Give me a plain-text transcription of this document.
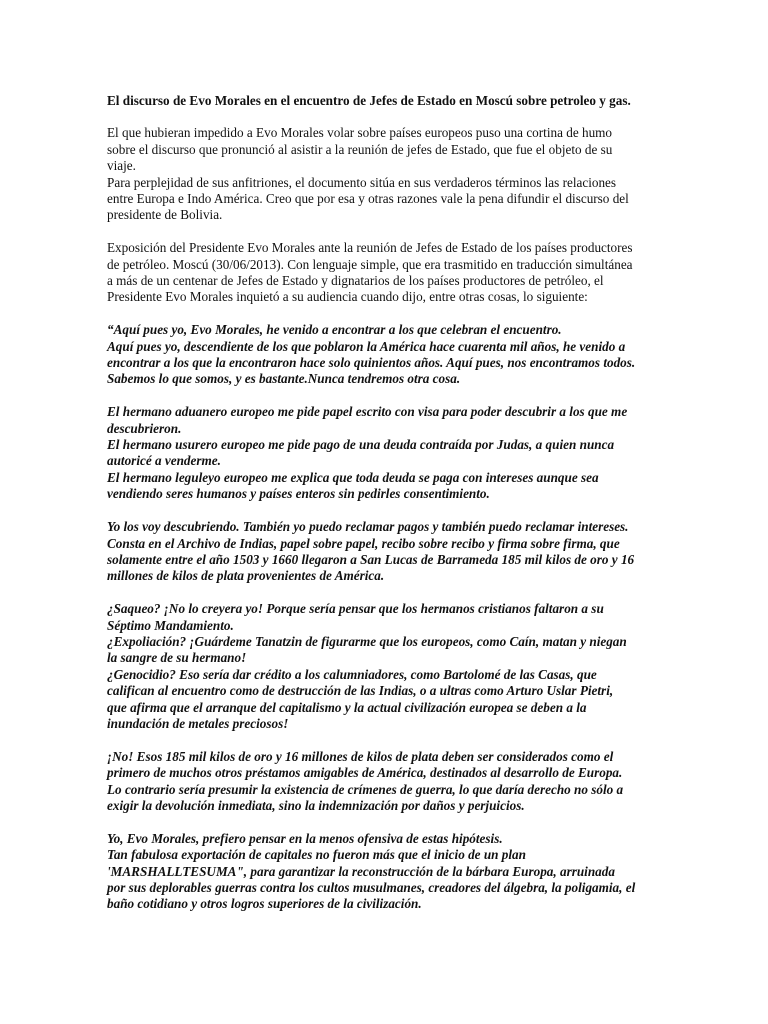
El discurso de Evo Morales en el encuentro de Jefes de Estado en Moscú sobre petroleo y gas.
El que hubieran impedido a Evo Morales volar sobre países europeos puso una cortina de humo
sobre el discurso que pronunció al asistir a la reunión de jefes de Estado, que fue el objeto de su
viaje.
Para perplejidad de sus anfitriones, el documento sitúa en sus verdaderos términos las relaciones
entre Europa e Indo América. Creo que por esa y otras razones vale la pena difundir el discurso del
presidente de Bolivia.
Exposición del Presidente Evo Morales ante la reunión de Jefes de Estado de los países productores
de petróleo. Moscú (30/06/2013). Con lenguaje simple, que era trasmitido en traducción simultánea
a más de un centenar de Jefes de Estado y dignatarios de los países productores de petróleo, el
Presidente Evo Morales inquietó a su audiencia cuando dijo, entre otras cosas, lo siguiente:
“Aquí pues yo, Evo Morales, he venido a encontrar a los que celebran el encuentro.
Aquí pues yo, descendiente de los que poblaron la América hace cuarenta mil años, he venido a
encontrar a los que la encontraron hace solo quinientos años. Aquí pues, nos encontramos todos.
Sabemos lo que somos, y es bastante.Nunca tendremos otra cosa.
El hermano aduanero europeo me pide papel escrito con visa para poder descubrir a los que me
descubrieron.
El hermano usurero europeo me pide pago de una deuda contraída por Judas, a quien nunca
autoricé a venderme.
El hermano leguleyo europeo me explica que toda deuda se paga con intereses aunque sea
vendiendo seres humanos y países enteros sin pedirles consentimiento.
Yo los voy descubriendo. También yo puedo reclamar pagos y también puedo reclamar intereses.
Consta en el Archivo de Indias, papel sobre papel, recibo sobre recibo y firma sobre firma, que
solamente entre el año 1503 y 1660 llegaron a San Lucas de Barrameda 185 mil kilos de oro y 16
millones de kilos de plata provenientes de América.
¿Saqueo? ¡No lo creyera yo! Porque sería pensar que los hermanos cristianos faltaron a su
Séptimo Mandamiento.
¿Expoliación? ¡Guárdeme Tanatzin de figurarme que los europeos, como Caín, matan y niegan
la sangre de su hermano!
¿Genocidio? Eso sería dar crédito a los calumniadores, como Bartolomé de las Casas, que
califican al encuentro como de destrucción de las Indias, o a ultras como Arturo Uslar Pietri,
que afirma que el arranque del capitalismo y la actual civilización europea se deben a la
inundación de metales preciosos!
¡No! Esos 185 mil kilos de oro y 16 millones de kilos de plata deben ser considerados como el
primero de muchos otros préstamos amigables de América, destinados al desarrollo de Europa.
Lo contrario sería presumir la existencia de crímenes de guerra, lo que daría derecho no sólo a
exigir la devolución inmediata, sino la indemnización por daños y perjuicios.
Yo, Evo Morales, prefiero pensar en la menos ofensiva de estas hipótesis.
Tan fabulosa exportación de capitales no fueron más que el inicio de un plan
'MARSHALLTESUMA", para garantizar la reconstrucción de la bárbara Europa, arruinada
por sus deplorables guerras contra los cultos musulmanes, creadores del álgebra, la poligamia, el
baño cotidiano y otros logros superiores de la civilización.
